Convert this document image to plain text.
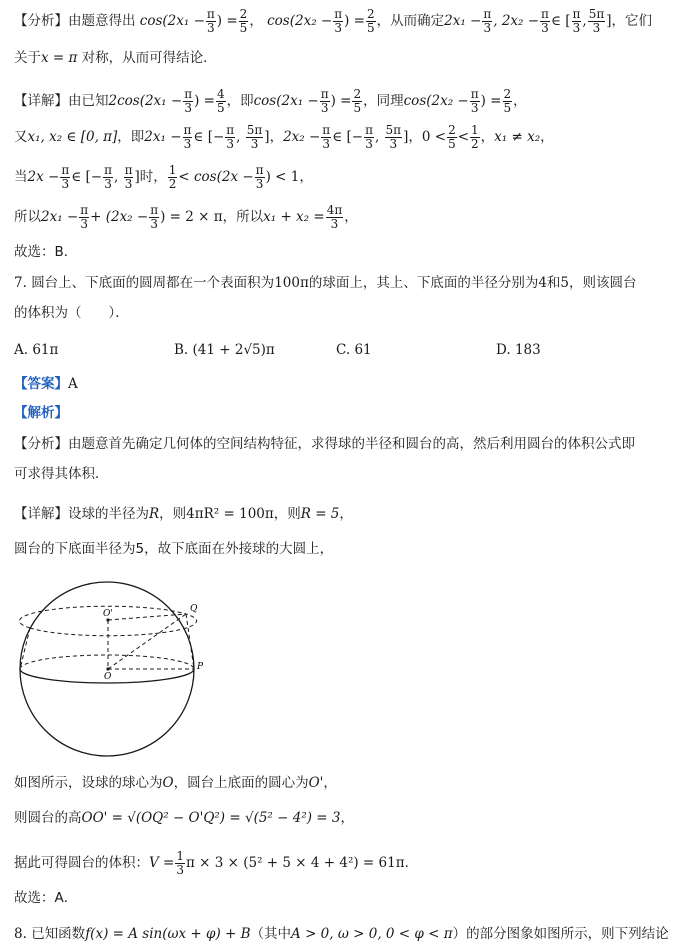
【分析】由题意得出 $\cos(2x_1 - \frac{\pi}{3}$ ) = $\frac{2}{5}$ ， $\cos(2x_2 - \frac{\pi}{3}$ ) = $\frac{2}{5}$ ，从而确定$2x_1 - \frac{\pi}{3}$ , $2x_2 - \frac{\pi}{3}$ ∈ [ $\frac{\pi}{3}$ , $\frac{5\pi}{3}$ ]，它们
关于x = π 对称，从而可得结论．
【详解】由已知$2\cos(2x_1 - \frac{\pi}{3}$ ) = $\frac{4}{5}$ ，即$\cos(2x_1 - \frac{\pi}{3}$ ) = $\frac{2}{5}$ ，同理$\cos(2x_2 - \frac{\pi}{3}$ ) = $\frac{2}{5}$ ，
又x₁, x₂ ∈ [0, π]，即$2x_1 - \frac{\pi}{3}$ ∈ [− $\frac{\pi}{3}$ , $\frac{5\pi}{3}$ ]，$2x_2 - \frac{\pi}{3}$ ∈ [− $\frac{\pi}{3}$ , $\frac{5\pi}{3}$ ]，$0 < \frac{2}{5} < \frac{1}{2}$ ，x₁ ≠ x₂，
当$2x - \frac{\pi}{3}$ ∈ [− $\frac{\pi}{3}$ , $\frac{\pi}{3}$ ]时， $\frac{1}{2} < \cos(2x - \frac{\pi}{3}$ ) < 1，
所以$2x_1 - \frac{\pi}{3} + (2x_2 - \frac{\pi}{3}$ ) = 2 × π，所以$x_1 + x_2 = \frac{4\pi}{3}$ ，
故选：B．
7. 圆台上、下底面的圆周都在一个表面积为100π的球面上，其上、下底面的半径分别为4和5，则该圆台
的体积为（　　）．
A. 61π	B. (41 + 2√5)π	C. 61	D. 183
【答案】A
【解析】
【分析】由题意首先确定几何体的空间结构特征，求得球的半径和圆台的高，然后利用圆台的体积公式即
可求得其体积．
【详解】设球的半径为R，则4πR² = 100π，则R = 5，
圆台的下底面半径为5，故下底面在外接球的大圆上，
Q
O'
O
P
如图所示，设球的球心为O，圆台上底面的圆心为O'，
则圆台的高OO' = √(OQ² − O'Q²) = √(5² − 4²) = 3，
据此可得圆台的体积：$V = \frac{1}{3}$ π × 3 × (5² + 5 × 4 + 4²) = 61π．
故选：A．
8. 已知函数f(x) = A sin(ωx + φ) + B（其中A > 0, ω > 0, 0 < φ < π）的部分图象如图所示，则下列结论
